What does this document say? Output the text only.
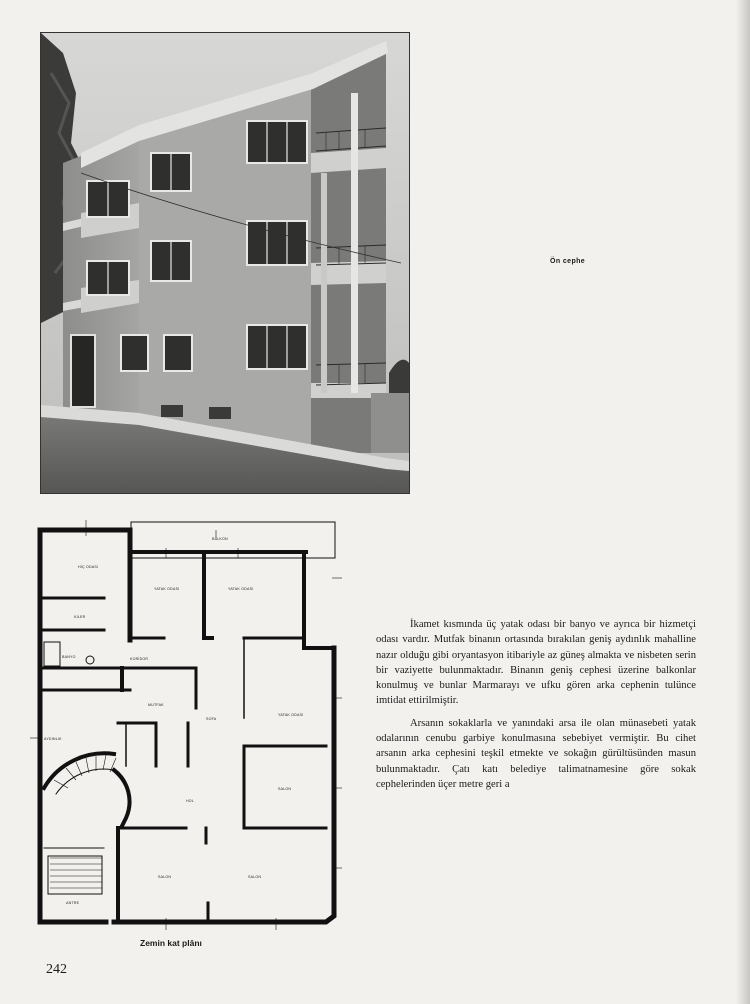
Ön cephe
HİÇ ODASI
KİLER
BANYO	KORİDOR
YATAK ODASI	YATAK ODASI
MUTFAK
SOFA
HOL
YATAK ODASI
SALON
SALON	SALON
AYDINLIK
ANTRE
BALKON
Zemin kat plânı

İkamet kısmında üç yatak odası bir banyo ve ayrıca bir hizmetçi odası vardır. Mutfak binanın ortasında bırakılan geniş aydınlık mahalline nazır olduğu gibi oryantasyon itibariyle az güneş almakta ve nisbeten serin bir vaziyette bulunmaktadır. Binanın geniş cephesi üzerine balkonlar konulmuş ve bunlar Marmarayı ve ufku gören arka cephenin tulünce imtidat ettirilmiştir.

Arsanın sokaklarla ve yanındaki arsa ile olan münasebeti yatak odalarının cenubu garbiye konulmasına sebebiyet vermiştir. Bu cihet arsanın arka cephesini teşkil etmekte ve sokağın gürültüsünden masun bulunmaktadır. Çatı katı belediye talimatnamesine göre sokak cephelerinden üçer metre geri a

242
